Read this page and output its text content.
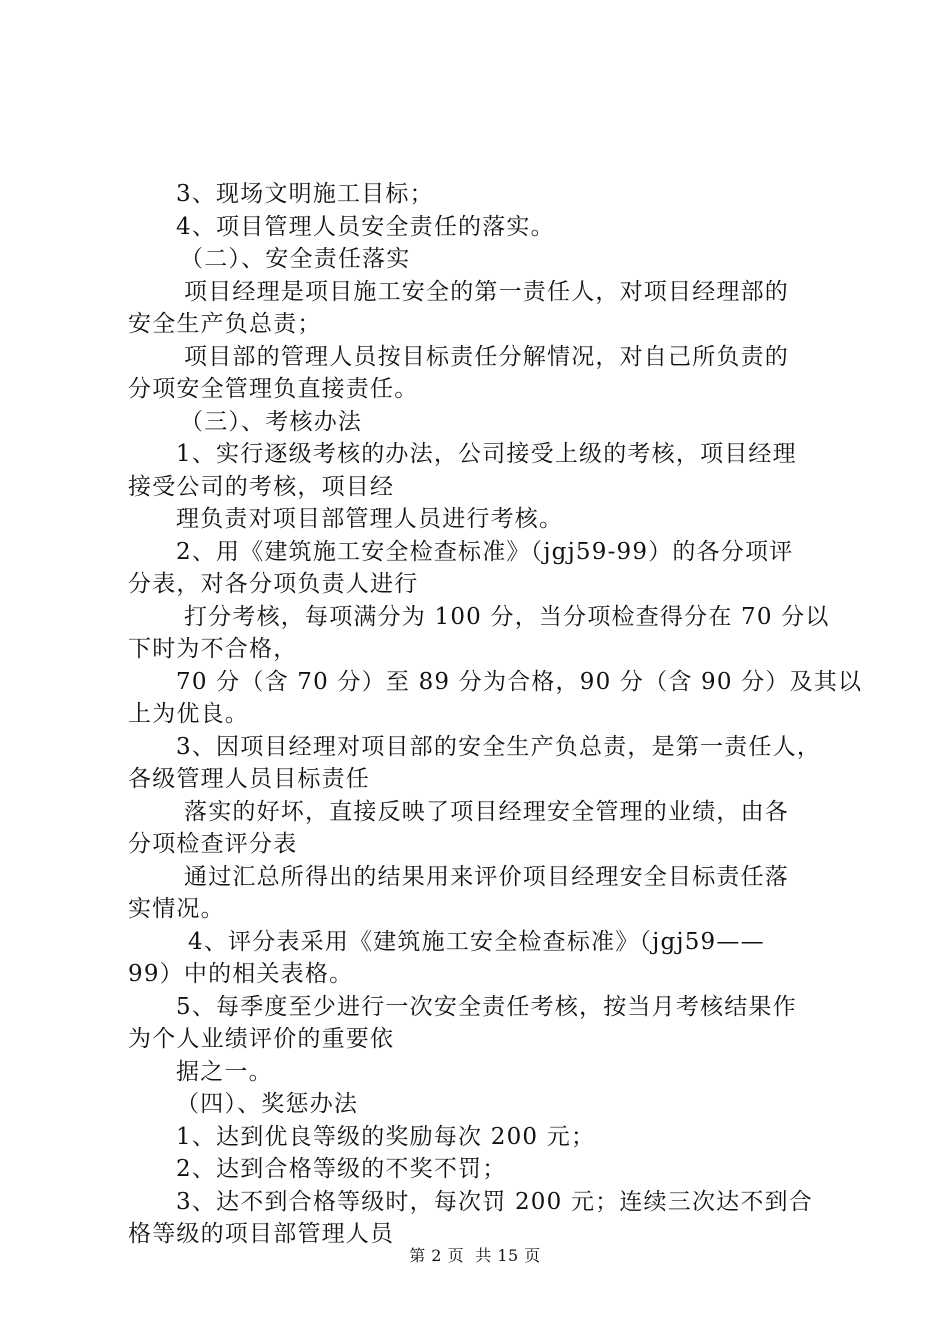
3、现场文明施工目标；
4、项目管理人员安全责任的落实。
（二）、安全责任落实
项目经理是项目施工安全的第一责任人，对项目经理部的
安全生产负总责；
项目部的管理人员按目标责任分解情况，对自己所负责的
分项安全管理负直接责任。
（三）、考核办法
1、实行逐级考核的办法，公司接受上级的考核，项目经理
接受公司的考核，项目经
理负责对项目部管理人员进行考核。
2、用《建筑施工安全检查标准》（jgj59-99）的各分项评
分表，对各分项负责人进行
打分考核，每项满分为 100 分，当分项检查得分在 70 分以
下时为不合格，
70 分（含 70 分）至 89 分为合格，90 分（含 90 分）及其以
上为优良。
3、因项目经理对项目部的安全生产负总责，是第一责任人，
各级管理人员目标责任
落实的好坏，直接反映了项目经理安全管理的业绩，由各
分项检查评分表
通过汇总所得出的结果用来评价项目经理安全目标责任落
实情况。
4、评分表采用《建筑施工安全检查标准》（jgj59——
99）中的相关表格。
5、每季度至少进行一次安全责任考核，按当月考核结果作
为个人业绩评价的重要依
据之一。
（四）、奖惩办法
1、达到优良等级的奖励每次 200 元；
2、达到合格等级的不奖不罚；
3、达不到合格等级时，每次罚 200 元；连续三次达不到合
格等级的项目部管理人员
第 2 页  共 15 页
